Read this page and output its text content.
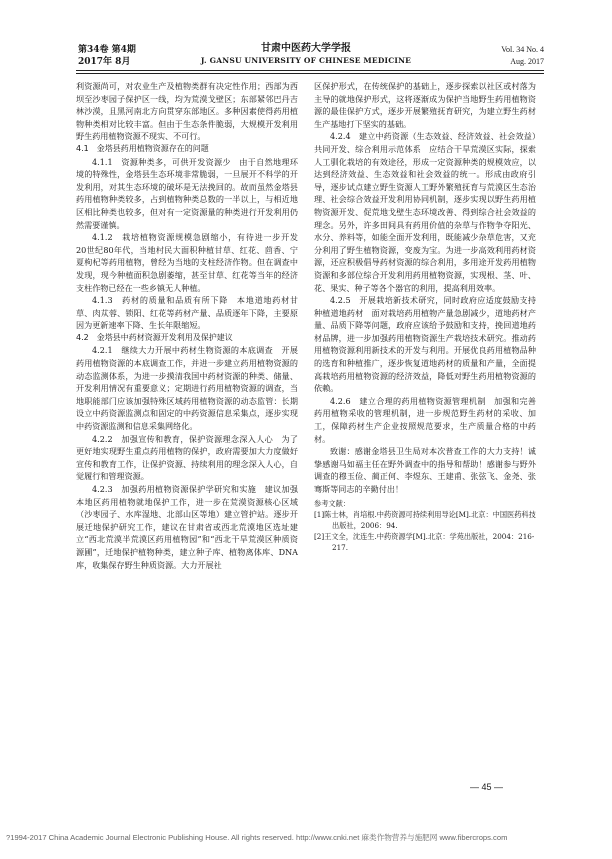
第34卷 第4期
2017年 8月
甘肃中医药大学学报
J. GANSU UNIVERSITY OF CHINESE MEDICINE
Vol. 34 No. 4
Aug. 2017

利资源尚可，对农业生产及植物类群有决定性作用；西部为西坝至沙枣园子保护区一线，均为荒漠戈壁区；东部紧邻巴丹吉林沙漠，且黑河南北方向贯穿东部地区。多种因素使得药用植物种类相对比较丰富。但由于生态条件脆弱，大规模开发利用野生药用植物资源不现实、不可行。

4.1　金塔县药用植物资源存在的问题

4.1.1　资源种类多，可供开发资源少　由于自然地理环境的特殊性，金塔县生态环境非常脆弱，一旦展开不科学的开发利用，对其生态环境的破坏是无法挽回的。故而虽然金塔县药用植物种类较多，占到植物种类总数的一半以上，与相近地区相比种类也较多，但对有一定资源量的种类进行开发利用仍然需要谨慎。

4.1.2　栽培植物资源规模急剧缩小，有待进一步开发　20世纪80年代，当地村民大面积种植甘草、红花、茴香、宁夏枸杞等药用植物，曾经为当地的支柱经济作物。但在调查中发现，现今种植面积急剧萎缩，甚至甘草、红花等当年的经济支柱作物已经在一些乡镇无人种植。

4.1.3　药材的质量和品质有所下降　本地道地药材甘草、肉苁蓉、锁阳、红花等药材产量、品质逐年下降，主要原因为更新速率下降、生长年限缩短。

4.2　金塔县中药材资源开发利用及保护建议

4.2.1　继续大力开展中药材生物资源的本底调查　开展药用植物资源的本底调查工作，并进一步建立药用植物资源的动态监测体系，为进一步摸清我国中药材资源的种类、储量、开发利用情况有重要意义；定期进行药用植物资源的调查，当地职能部门应该加强特殊区域药用植物资源的动态监管：长期设立中药资源监测点和固定的中药资源信息采集点，逐步实现中药资源监测和信息采集网络化。

4.2.2　加强宣传和教育，保护资源理念深入人心　为了更好地实现野生重点药用植物的保护，政府需要加大力度做好宣传和教育工作，让保护资源、持续利用的理念深入人心，自觉履行和管理资源。

4.2.3　加强药用植物资源保护学研究和实施　建议加强本地区药用植物就地保护工作，进一步在荒漠资源核心区域（沙枣园子、水库湿地、北部山区等地）建立管护站。逐步开展迁地保护研究工作，建议在甘肃省或西北荒漠地区选址建立“西北荒漠半荒漠区药用植物园”和“西北干旱荒漠区种质资源圃”，迁地保护植物种类，建立种子库、植物离体库、DNA库，收集保存野生种质资源。大力开展社

区保护形式，在传统保护的基础上，逐步探索以社区或村落为主导的就地保护形式，这将逐渐成为保护当地野生药用植物资源的最佳保护方式，逐步开展繁殖抚育研究，为建立野生药材生产基地打下坚实的基础。

4.2.4　建立中药资源（生态效益、经济效益、社会效益）共同开发、综合利用示范体系　应结合干旱荒漠区实际，探索人工驯化栽培的有效途径，形成一定资源种类的规模效应，以达到经济效益、生态效益和社会效益的统一。形成由政府引导，逐步试点建立野生资源人工野外繁殖抚育与荒漠区生态治理、社会综合效益开发利用协同机制，逐步实现以野生药用植物资源开发、促荒地戈壁生态环境改善、得到综合社会效益的理念。另外，许多田间具有药用价值的杂草与作物争夺阳光、水分、养料等，如能全面开发利用，既能减少杂草危害，又充分利用了野生植物资源，变废为宝。为进一步高效利用药材资源，还应积极倡导药材资源的综合利用，多用途开发药用植物资源和多部位综合开发利用药用植物资源，实现根、茎、叶、花、果实、种子等各个器官的利用，提高利用效率。

4.2.5　开展栽培新技术研究，同时政府应适度鼓励支持种植道地药材　面对栽培药用植物产量急剧减少，道地药材产量、品质下降等问题，政府应该给予鼓励和支持，挽回道地药材品牌，进一步加强药用植物资源生产栽培技术研究。推动药用植物资源利用新技术的开发与利用。开展优良药用植物品种的选育和种植推广，逐步恢复道地药材的质量和产量，全面提高栽培药用植物资源的经济效益，降低对野生药用植物资源的依赖。

4.2.6　建立合理的药用植物资源管理机制　加强和完善药用植物采收的管理机制，进一步规范野生药材的采收、加工，保障药材生产企业按照规范要求，生产质量合格的中药材。

致谢：感谢金塔县卫生局对本次普查工作的大力支持！诚挚感谢马如福主任在野外调查中的指导和帮助！感谢参与野外调查的穆玉俭、蔺正何、李煜东、王建甫、张弦飞、金尧、张骞斯等同志的辛勤付出！

参考文献：

[1]陈士林，肖培根.中药资源可持续利用导论[M].北京：中国医药科技出版社，2006：94.

[2]王文全，沈连生.中药资源学[M].北京：学苑出版社，2004：216-217.

— 45 —
?1994-2017 China Academic Journal Electronic Publishing House. All rights reserved. http://www.cnki.net 麻类作物营养与施肥网 www.fibercrops.com
